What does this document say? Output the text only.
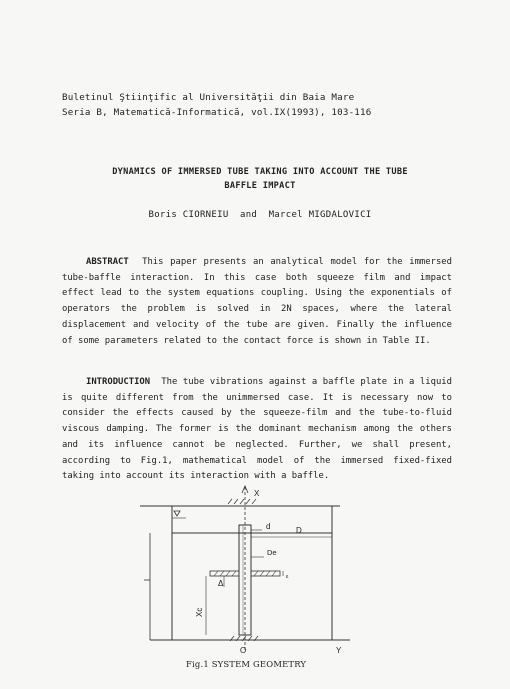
Buletinul Ştiinţific al Universităţii din Baia Mare
Seria B, Matematică-Informatică, vol.IX(1993), 103-116
DYNAMICS OF IMMERSED TUBE TAKING INTO ACCOUNT THE TUBE
BAFFLE IMPACT
Boris CIORNEIU  and  Marcel MIGDALOVICI
ABSTRACT This paper presents an analytical model for the immersed tube-baffle interaction. In this case both squeeze film and impact effect lead to the system equations coupling. Using the exponentials of operators the problem is solved in 2N spaces, where the lateral displacement and velocity of the tube are given. Finally the influence of some parameters related to the contact force is shown in Table II.
INTRODUCTION The tube vibrations against a baffle plate in a liquid is quite different from the unimmersed case. It is necessary now to consider the effects caused by the squeeze-film and the tube-to-fluid viscous damping. The former is the dominant mechanism among the others and its influence cannot be neglected. Further, we shall present, according to Fig.1, mathematical model of the immersed fixed-fixed taking into account its interaction with a baffle.
X
d	D
De
ε
Δ
Xc
O	Y
Fig.1 SYSTEM GEOMETRY
